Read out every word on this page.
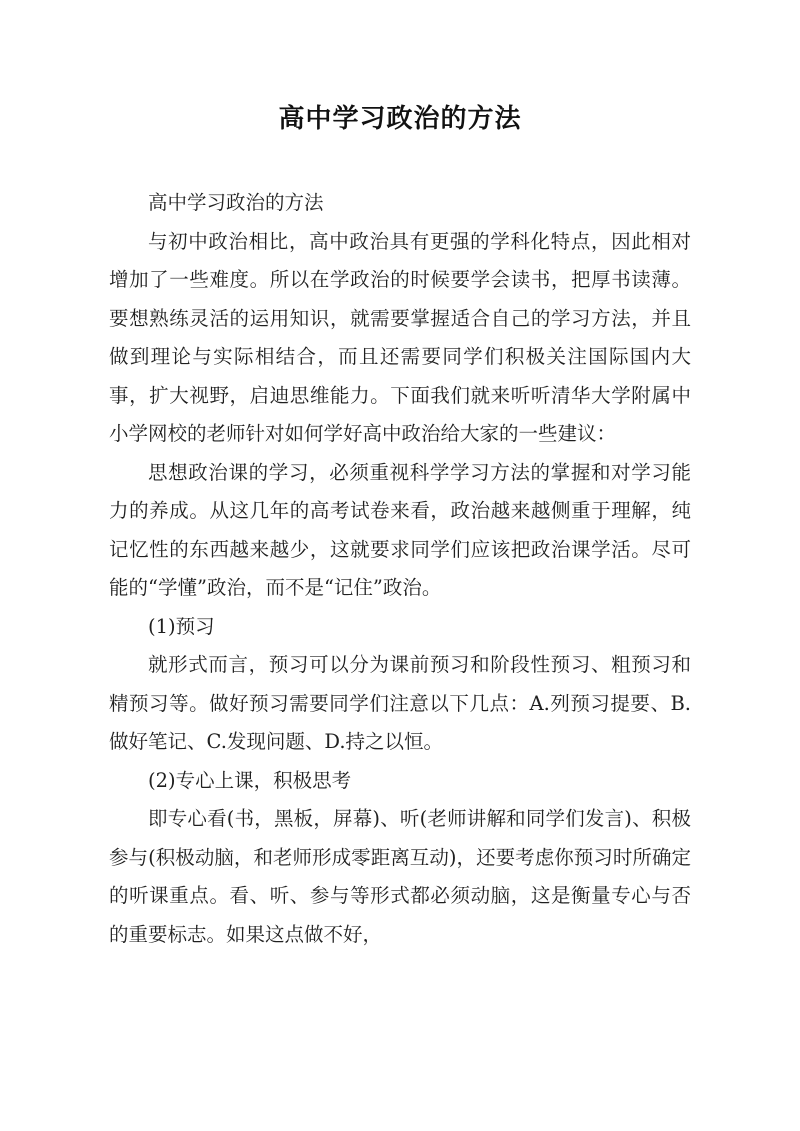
高中学习政治的方法

高中学习政治的方法

与初中政治相比，高中政治具有更强的学科化特点，因此相对增加了一些难度。所以在学政治的时候要学会读书，把厚书读薄。要想熟练灵活的运用知识，就需要掌握适合自己的学习方法，并且做到理论与实际相结合，而且还需要同学们积极关注国际国内大事，扩大视野，启迪思维能力。下面我们就来听听清华大学附属中小学网校的老师针对如何学好高中政治给大家的一些建议：

思想政治课的学习，必须重视科学学习方法的掌握和对学习能力的养成。从这几年的高考试卷来看，政治越来越侧重于理解，纯记忆性的东西越来越少，这就要求同学们应该把政治课学活。尽可能的“学懂”政治，而不是“记住”政治。

(1)预习

就形式而言，预习可以分为课前预习和阶段性预习、粗预习和精预习等。做好预习需要同学们注意以下几点：A.列预习提要、B.做好笔记、C.发现问题、D.持之以恒。

(2)专心上课，积极思考

即专心看(书，黑板，屏幕)、听(老师讲解和同学们发言)、积极参与(积极动脑，和老师形成零距离互动)，还要考虑你预习时所确定的听课重点。看、听、参与等形式都必须动脑，这是衡量专心与否的重要标志。如果这点做不好，
